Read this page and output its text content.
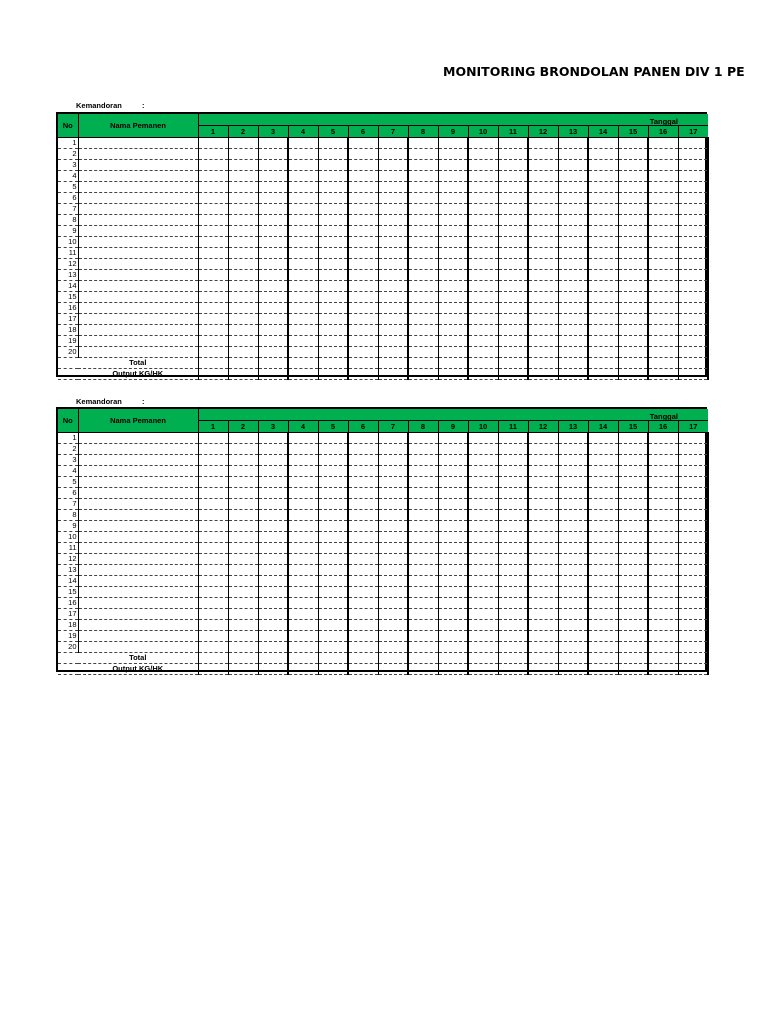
MONITORING BRONDOLAN PANEN DIV 1 PE
Kemandoran	:
No	Nama Pemanen	Tanggal																
		1	2	3	4	5	6	7	8	9	10	11	12	13	14	15	16	17
1																		
2																		
3																		
4																		
5																		
6																		
7																		
8																		
9																		
10																		
11																		
12																		
13																		
14																		
15																		
16																		
17																		
18																		
19																		
20																		
Total																		
Output KG/HK																		
Kemandoran	:
No	Nama Pemanen	Tanggal																
		1	2	3	4	5	6	7	8	9	10	11	12	13	14	15	16	17
1																		
2																		
3																		
4																		
5																		
6																		
7																		
8																		
9																		
10																		
11																		
12																		
13																		
14																		
15																		
16																		
17																		
18																		
19																		
20																		
Total																		
Output KG/HK																		
